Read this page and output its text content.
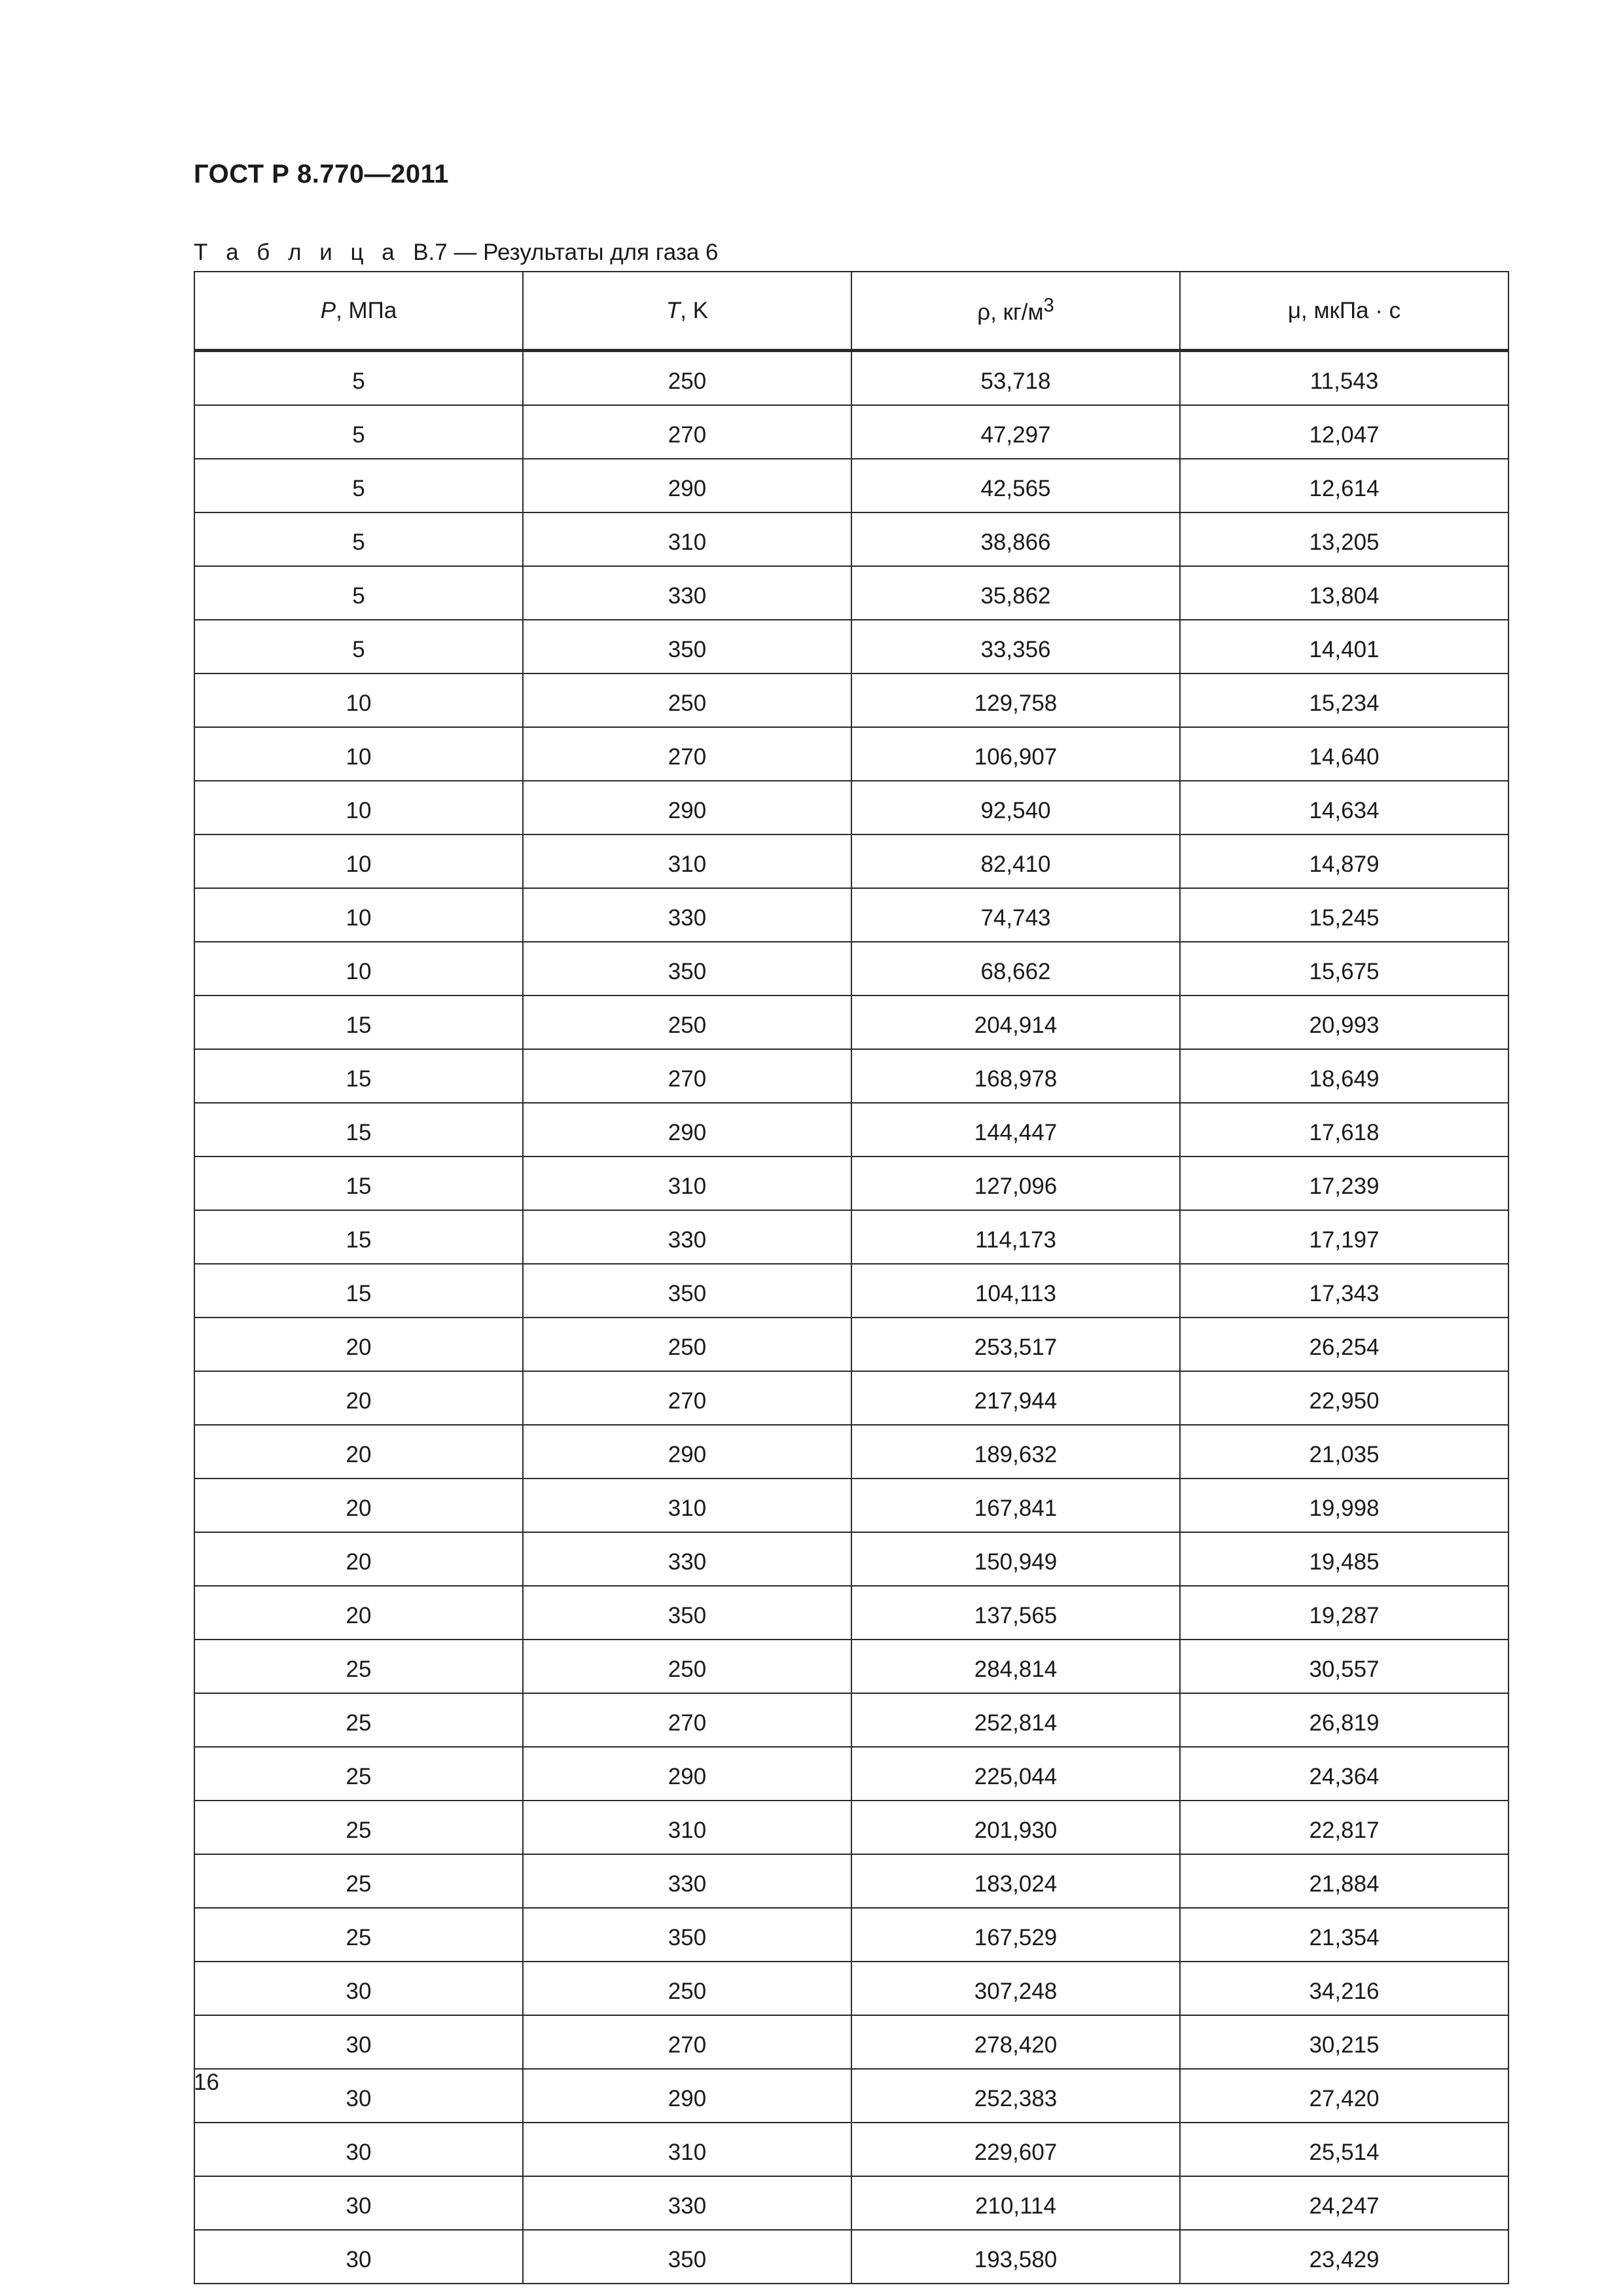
ГОСТ Р 8.770—2011
Т а б л и ц а В.7 — Результаты для газа 6
P, МПа	T, K	ρ, $кг/м^3$	μ, мкПа · с
5	250	53,718	11,543
5	270	47,297	12,047
5	290	42,565	12,614
5	310	38,866	13,205
5	330	35,862	13,804
5	350	33,356	14,401
10	250	129,758	15,234
10	270	106,907	14,640
10	290	92,540	14,634
10	310	82,410	14,879
10	330	74,743	15,245
10	350	68,662	15,675
15	250	204,914	20,993
15	270	168,978	18,649
15	290	144,447	17,618
15	310	127,096	17,239
15	330	114,173	17,197
15	350	104,113	17,343
20	250	253,517	26,254
20	270	217,944	22,950
20	290	189,632	21,035
20	310	167,841	19,998
20	330	150,949	19,485
20	350	137,565	19,287
25	250	284,814	30,557
25	270	252,814	26,819
25	290	225,044	24,364
25	310	201,930	22,817
25	330	183,024	21,884
25	350	167,529	21,354
30	250	307,248	34,216
30	270	278,420	30,215
30	290	252,383	27,420
30	310	229,607	25,514
30	330	210,114	24,247
30	350	193,580	23,429
16
